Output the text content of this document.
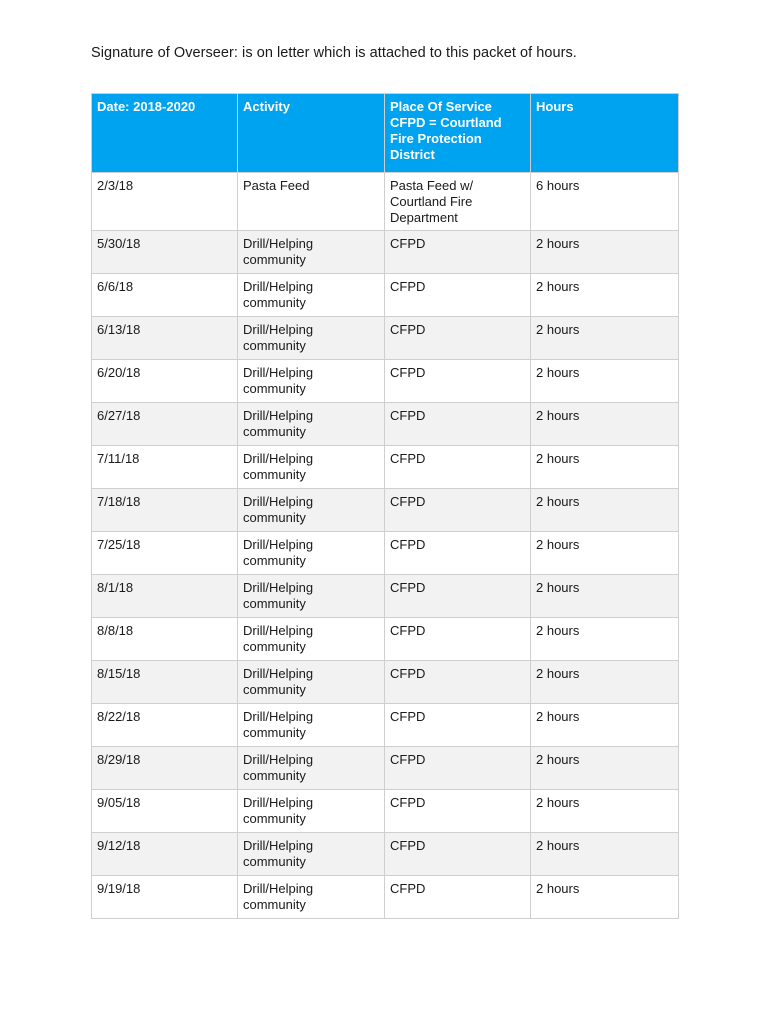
Signature of Overseer: is on letter which is attached to this packet of hours.
Date: 2018-2020	Activity	Place Of Service
CFPD = Courtland
Fire Protection
District	Hours

2/3/18	Pasta Feed	Pasta Feed w/
Courtland Fire
Department	6 hours
5/30/18	Drill/Helping
community	CFPD	2 hours
6/6/18	Drill/Helping
community	CFPD	2 hours
6/13/18	Drill/Helping
community	CFPD	2 hours
6/20/18	Drill/Helping
community	CFPD	2 hours
6/27/18	Drill/Helping
community	CFPD	2 hours
7/11/18	Drill/Helping
community	CFPD	2 hours
7/18/18	Drill/Helping
community	CFPD	2 hours
7/25/18	Drill/Helping
community	CFPD	2 hours
8/1/18	Drill/Helping
community	CFPD	2 hours
8/8/18	Drill/Helping
community	CFPD	2 hours
8/15/18	Drill/Helping
community	CFPD	2 hours
8/22/18	Drill/Helping
community	CFPD	2 hours
8/29/18	Drill/Helping
community	CFPD	2 hours
9/05/18	Drill/Helping
community	CFPD	2 hours
9/12/18	Drill/Helping
community	CFPD	2 hours
9/19/18	Drill/Helping
community	CFPD	2 hours
